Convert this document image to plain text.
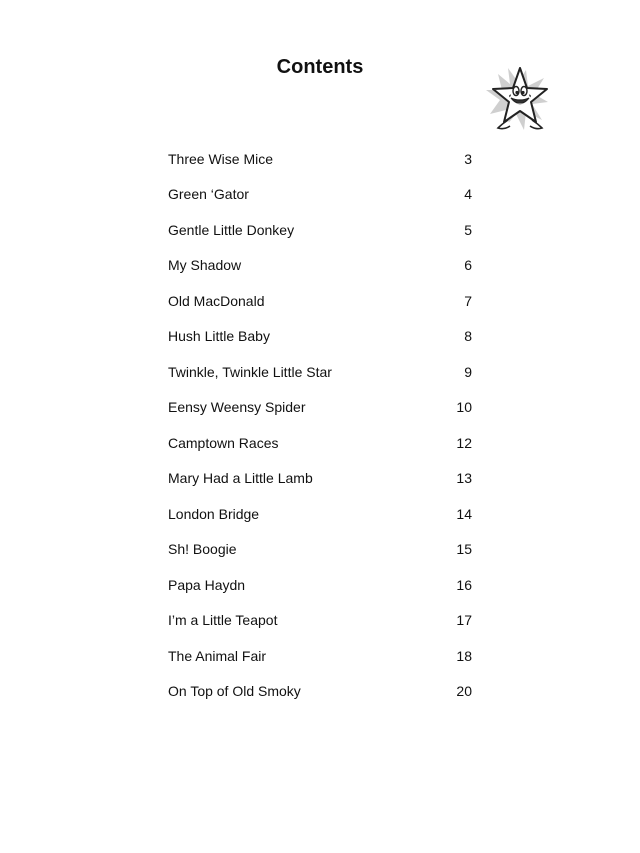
Contents
Three Wise Mice	3
Green ‘Gator	4
Gentle Little Donkey	5
My Shadow	6
Old MacDonald	7
Hush Little Baby	8
Twinkle, Twinkle Little Star	9
Eensy Weensy Spider	10
Camptown Races	12
Mary Had a Little Lamb	13
London Bridge	14
Sh! Boogie	15
Papa Haydn	16
I’m a Little Teapot	17
The Animal Fair	18
On Top of Old Smoky	20
